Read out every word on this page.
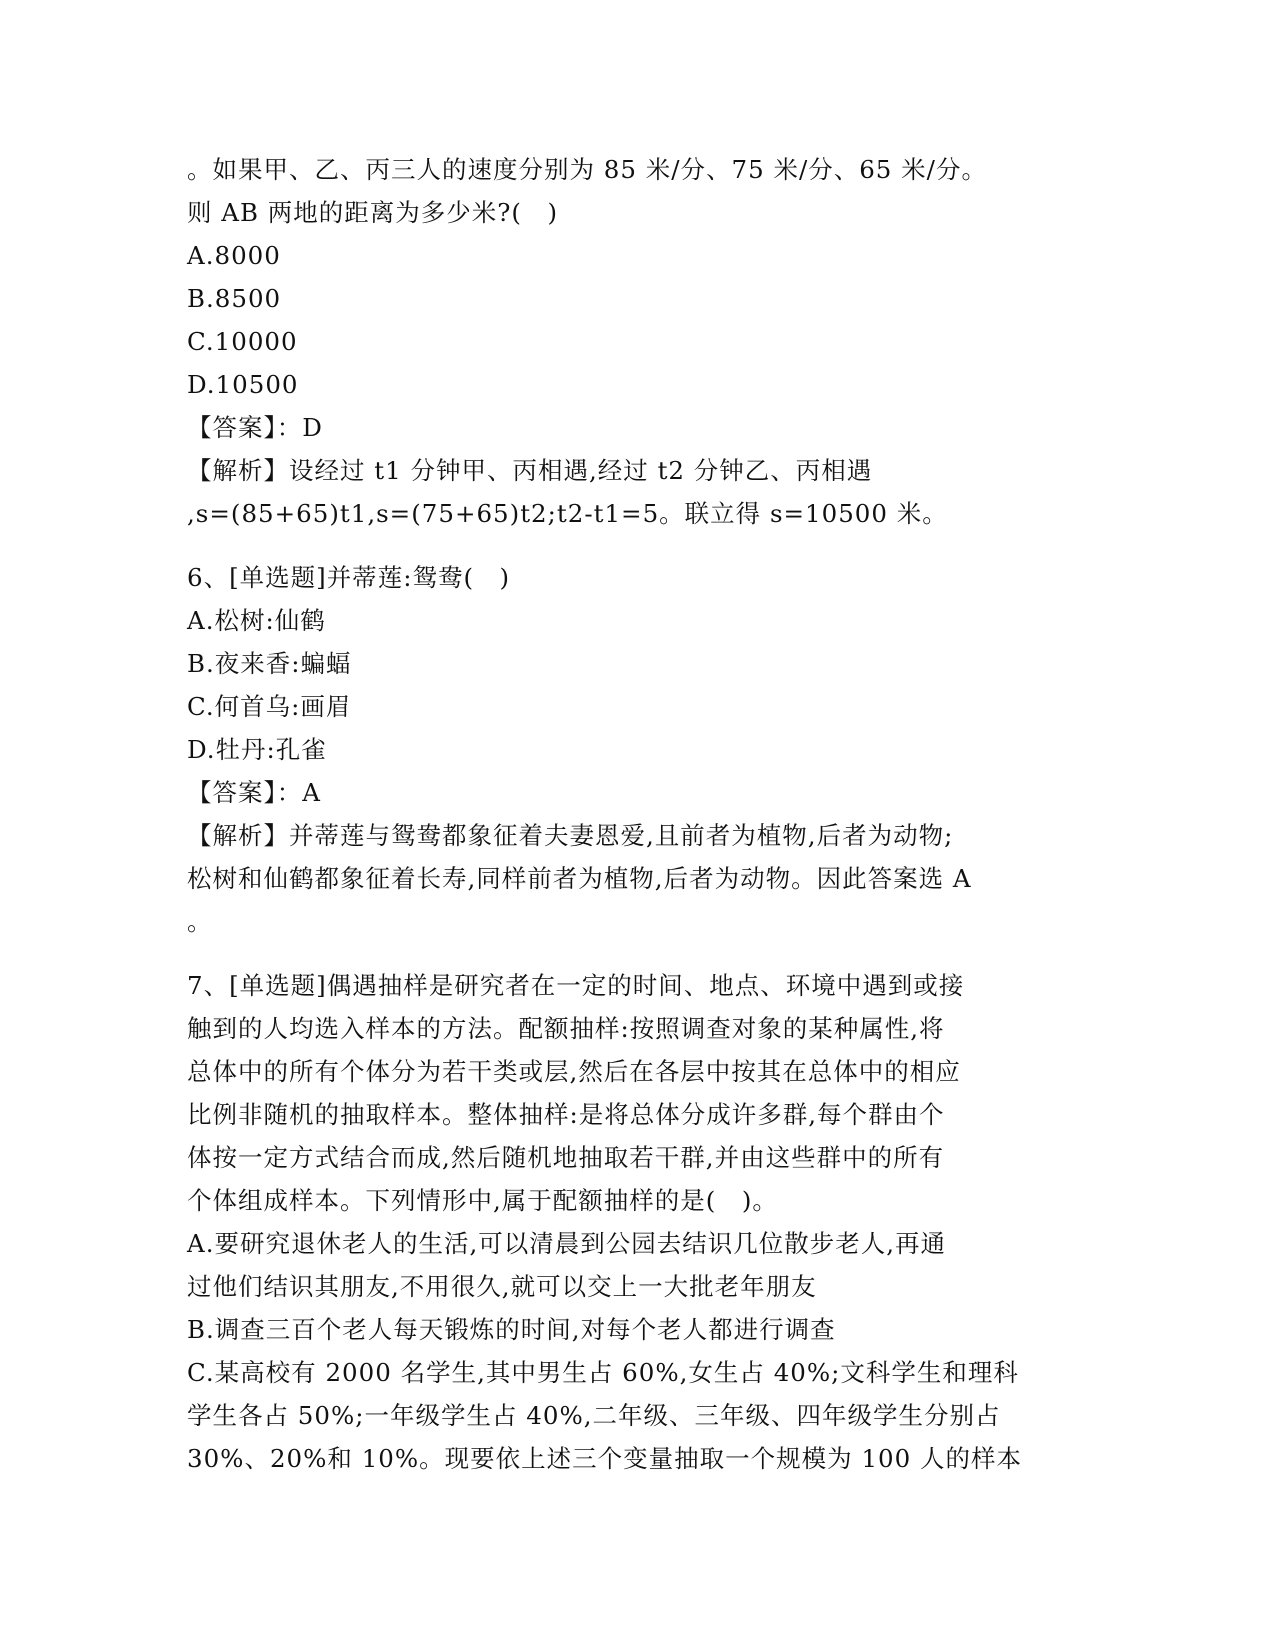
。如果甲、乙、丙三人的速度分别为 85 米/分、75 米/分、65 米/分。
则 AB 两地的距离为多少米?(　)
A.8000
B.8500
C.10000
D.10500
【答案】：D
【解析】设经过 t1 分钟甲、丙相遇,经过 t2 分钟乙、丙相遇
,s=(85+65)t1,s=(75+65)t2;t2-t1=5。联立得 s=10500 米。
6、[单选题]并蒂莲:鸳鸯(　)
A.松树:仙鹤
B.夜来香:蝙蝠
C.何首乌:画眉
D.牡丹:孔雀
【答案】：A
【解析】并蒂莲与鸳鸯都象征着夫妻恩爱,且前者为植物,后者为动物;
松树和仙鹤都象征着长寿,同样前者为植物,后者为动物。因此答案选 A
。
7、[单选题]偶遇抽样是研究者在一定的时间、地点、环境中遇到或接
触到的人均选入样本的方法。配额抽样:按照调查对象的某种属性,将
总体中的所有个体分为若干类或层,然后在各层中按其在总体中的相应
比例非随机的抽取样本。整体抽样:是将总体分成许多群,每个群由个
体按一定方式结合而成,然后随机地抽取若干群,并由这些群中的所有
个体组成样本。下列情形中,属于配额抽样的是(　)。
A.要研究退休老人的生活,可以清晨到公园去结识几位散步老人,再通
过他们结识其朋友,不用很久,就可以交上一大批老年朋友
B.调查三百个老人每天锻炼的时间,对每个老人都进行调查
C.某高校有 2000 名学生,其中男生占 60%,女生占 40%;文科学生和理科
学生各占 50%;一年级学生占 40%,二年级、三年级、四年级学生分别占
30%、20%和 10%。现要依上述三个变量抽取一个规模为 100 人的样本
